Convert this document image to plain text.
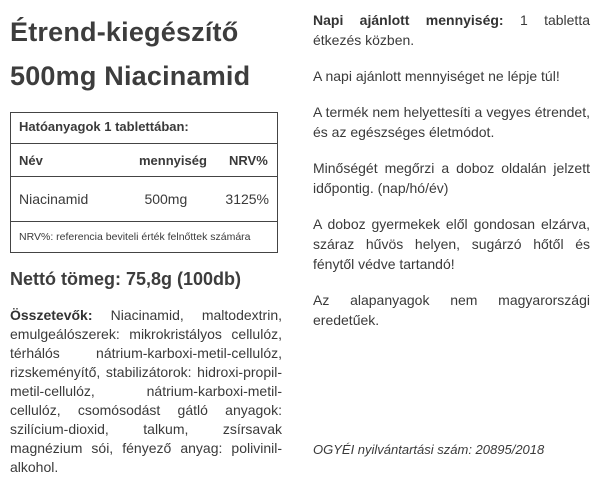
Étrend-kiegészítő
500mg Niacinamid
Hatóanyagok 1 tablettában:
Név	mennyiség	NRV%
Niacinamid	500mg	3125%
NRV%: referencia beviteli érték felnőttek számára
Nettó tömeg: 75,8g (100db)
Összetevők: Niacinamid, maltodextrin, emulgeálószerek: mikrokristályos cellulóz, térhálós nátrium-karboxi-metil-cellulóz, rizskeményítő, stabilizátorok: hidroxi-propil-metil-cellulóz, nátrium-karboxi-metil-cellulóz, csomósodást gátló anyagok: szilícium-dioxid, talkum, zsírsavak magnézium sói, fényező anyag: polivinil-alkohol.

Napi ajánlott mennyiség: 1 tabletta étkezés közben.

A napi ajánlott mennyiséget ne lépje túl!

A termék nem helyettesíti a vegyes étrendet, és az egészséges életmódot.

Minőségét megőrzi a doboz oldalán jelzett időpontig. (nap/hó/év)

A doboz gyermekek elől gondosan elzárva, száraz hűvös helyen, sugárzó hőtől és fénytől védve tartandó!

Az alapanyagok nem magyarországi eredetűek.

OGYÉI nyilvántartási szám: 20895/2018
